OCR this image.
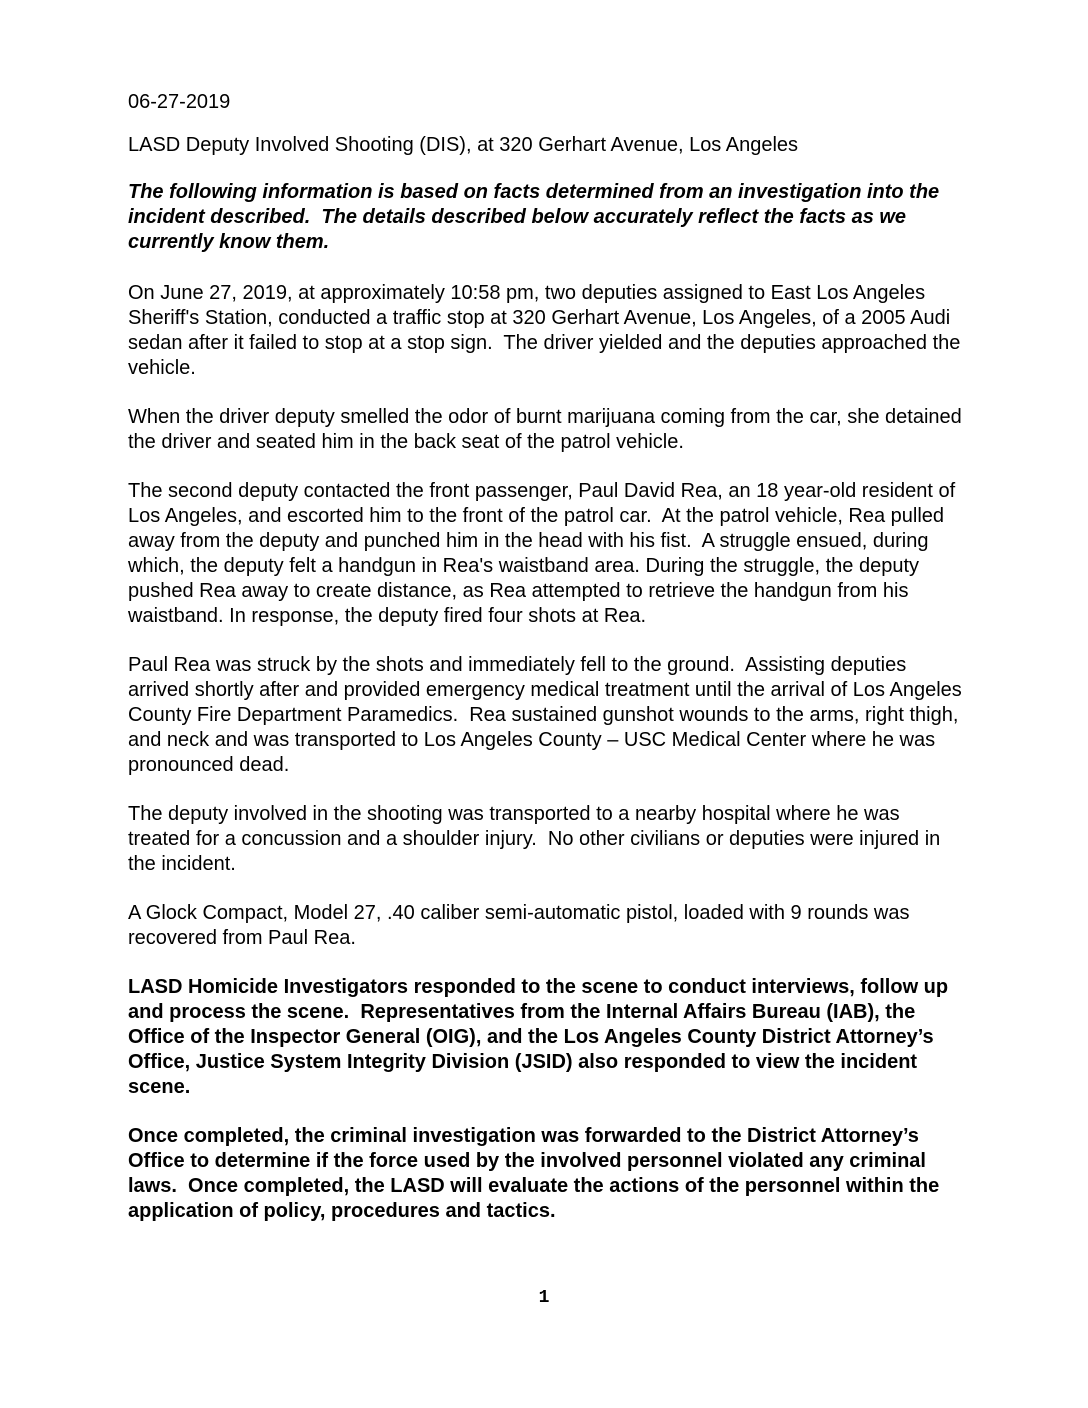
06-27-2019

LASD Deputy Involved Shooting (DIS), at 320 Gerhart Avenue, Los Angeles

The following information is based on facts determined from an investigation into the incident described.  The details described below accurately reflect the facts as we currently know them.

On June 27, 2019, at approximately 10:58 pm, two deputies assigned to East Los Angeles Sheriff's Station, conducted a traffic stop at 320 Gerhart Avenue, Los Angeles, of a 2005 Audi sedan after it failed to stop at a stop sign.  The driver yielded and the deputies approached the vehicle.

When the driver deputy smelled the odor of burnt marijuana coming from the car, she detained the driver and seated him in the back seat of the patrol vehicle.

The second deputy contacted the front passenger, Paul David Rea, an 18 year-old resident of Los Angeles, and escorted him to the front of the patrol car.  At the patrol vehicle, Rea pulled away from the deputy and punched him in the head with his fist.  A struggle ensued, during which, the deputy felt a handgun in Rea's waistband area. During the struggle, the deputy pushed Rea away to create distance, as Rea attempted to retrieve the handgun from his waistband. In response, the deputy fired four shots at Rea.

Paul Rea was struck by the shots and immediately fell to the ground.  Assisting deputies arrived shortly after and provided emergency medical treatment until the arrival of Los Angeles County Fire Department Paramedics.  Rea sustained gunshot wounds to the arms, right thigh, and neck and was transported to Los Angeles County – USC Medical Center where he was pronounced dead.

The deputy involved in the shooting was transported to a nearby hospital where he was treated for a concussion and a shoulder injury.  No other civilians or deputies were injured in the incident.

A Glock Compact, Model 27, .40 caliber semi-automatic pistol, loaded with 9 rounds was recovered from Paul Rea.

LASD Homicide Investigators responded to the scene to conduct interviews, follow up and process the scene.  Representatives from the Internal Affairs Bureau (IAB), the Office of the Inspector General (OIG), and the Los Angeles County District Attorney’s Office, Justice System Integrity Division (JSID) also responded to view the incident scene.

Once completed, the criminal investigation was forwarded to the District Attorney’s Office to determine if the force used by the involved personnel violated any criminal laws.  Once completed, the LASD will evaluate the actions of the personnel within the application of policy, procedures and tactics.

1
